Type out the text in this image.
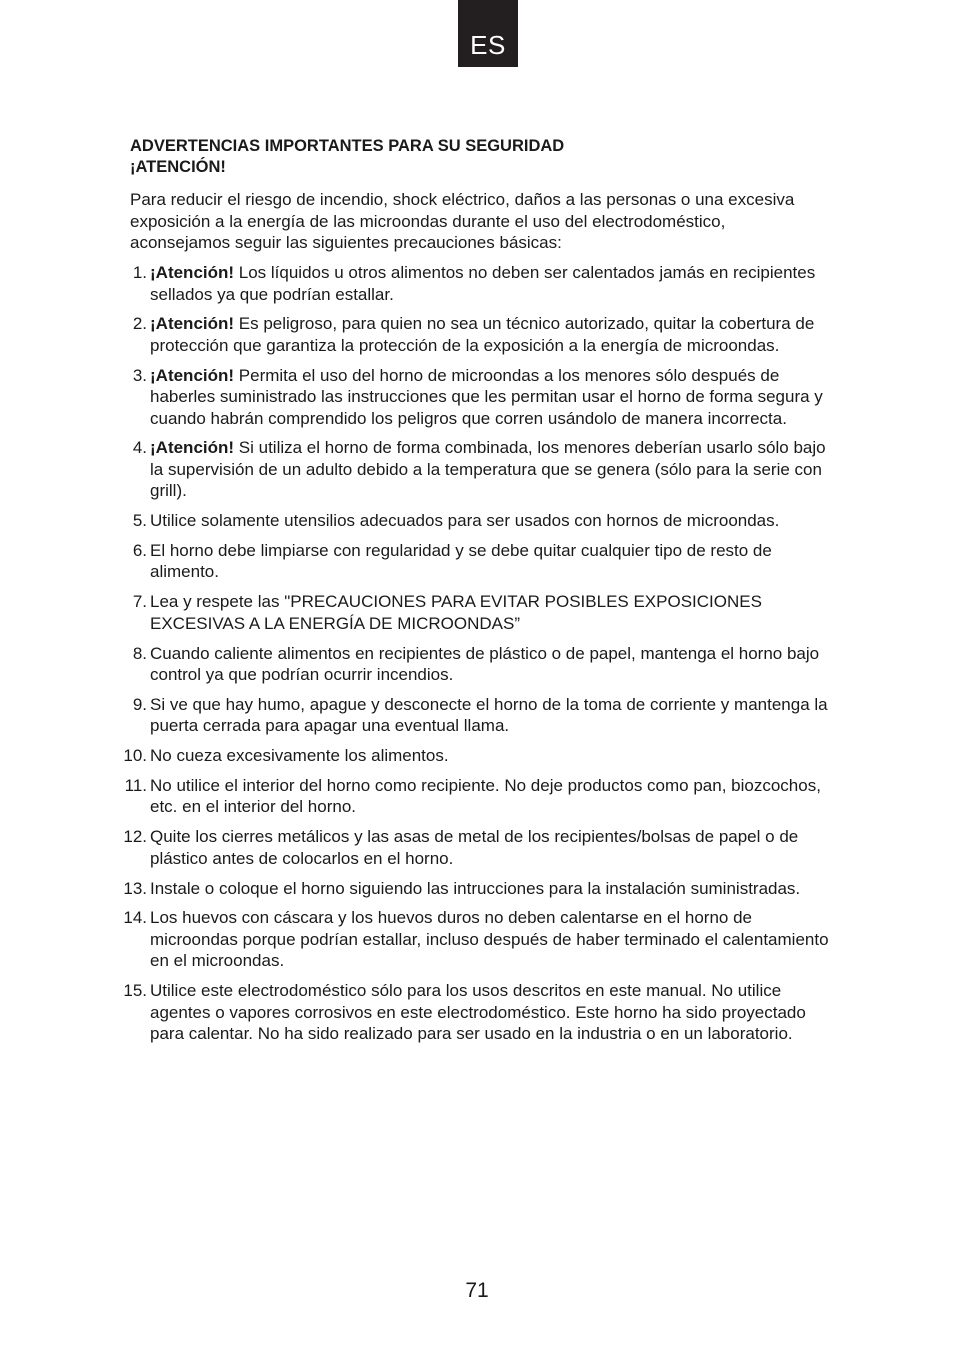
ES
ADVERTENCIAS IMPORTANTES PARA SU SEGURIDAD
¡ATENCIÓN!
Para reducir el riesgo de incendio, shock eléctrico, daños a las personas o una excesiva exposición a la energía de las microondas durante el uso del electrodoméstico, aconsejamos seguir las siguientes precauciones básicas:
1. ¡Atención! Los líquidos u otros alimentos no deben ser calentados jamás en recipientes sellados ya que podrían estallar.
2. ¡Atención! Es peligroso, para quien no sea un técnico autorizado, quitar la cobertura de protección que garantiza la protección de la exposición a la energía de microondas.
3. ¡Atención! Permita el uso del horno de microondas a los menores sólo después de haberles suministrado las instrucciones que les permitan usar el horno de forma segura y cuando habrán comprendido los peligros que corren usándolo de manera incorrecta.
4. ¡Atención! Si utiliza el horno de forma combinada, los menores deberían usarlo sólo bajo la supervisión de un adulto debido a la temperatura que se genera (sólo para la serie con grill).
5. Utilice solamente utensilios adecuados para ser usados con hornos de microondas.
6. El horno debe limpiarse con regularidad y se debe quitar cualquier tipo de resto de alimento.
7. Lea y respete las "PRECAUCIONES PARA EVITAR POSIBLES EXPOSICIONES EXCESIVAS A LA ENERGÍA DE MICROONDAS”
8. Cuando caliente alimentos en recipientes de plástico o de papel, mantenga el horno bajo control ya que podrían ocurrir incendios.
9. Si ve que hay humo, apague y desconecte el horno de la toma de corriente y mantenga la puerta cerrada para apagar una eventual llama.
10. No cueza excesivamente los alimentos.
11. No utilice el interior del horno como recipiente. No deje productos como pan, biozcochos, etc. en el interior del horno.
12. Quite los cierres metálicos y las asas de metal de los recipientes/bolsas de papel o de plástico antes de colocarlos en el horno.
13. Instale o coloque el horno siguiendo las intrucciones para la instalación suministradas.
14. Los huevos con cáscara y los huevos duros no deben calentarse en el horno de microondas porque podrían estallar, incluso después de haber terminado el calentamiento en el microondas.
15. Utilice este electrodoméstico sólo para los usos descritos en este manual. No utilice agentes o vapores corrosivos en este electrodoméstico. Este horno ha sido proyectado para calentar. No ha sido realizado para ser usado en la industria o en un laboratorio.
71
